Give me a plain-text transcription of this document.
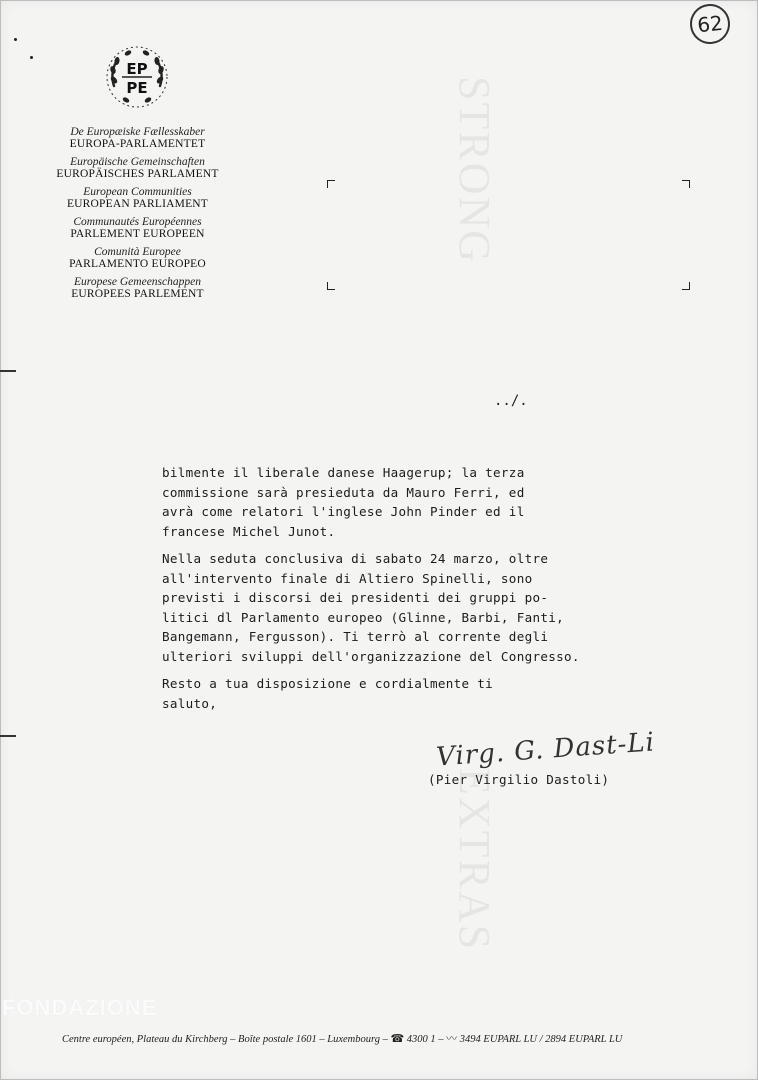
62
STRONG
EXTRAS
EP
PE
De Europæiske Fællesskaber
EUROPA-PARLAMENTET
Europäische Gemeinschaften
EUROPÄISCHES PARLAMENT
European Communities
EUROPEAN PARLIAMENT
Communautés Européennes
PARLEMENT EUROPEEN
Comunità Europee
PARLAMENTO EUROPEO
Europese Gemeenschappen
EUROPEES PARLEMENT
../.
bilmente il liberale danese Haagerup; la terza
commissione sarà presieduta da Mauro Ferri, ed
avrà come relatori l'inglese John Pinder ed il
francese Michel Junot.
Nella seduta conclusiva di sabato 24 marzo, oltre
all'intervento finale di Altiero Spinelli, sono
previsti i discorsi dei presidenti dei gruppi po-
litici dl Parlamento europeo (Glinne, Barbi, Fanti,
Bangemann, Fergusson). Ti terrò al corrente degli
ulteriori sviluppi dell'organizzazione del Congresso.
Resto a tua disposizione e cordialmente ti
saluto,
Virg. G. Dast-Li
(Pier Virgilio Dastoli)
FONDAZIONE
Centre européen, Plateau du Kirchberg – Boîte postale 1601 – Luxembourg – ☎ 4300 1 – 〰 3494 EUPARL LU / 2894 EUPARL LU
